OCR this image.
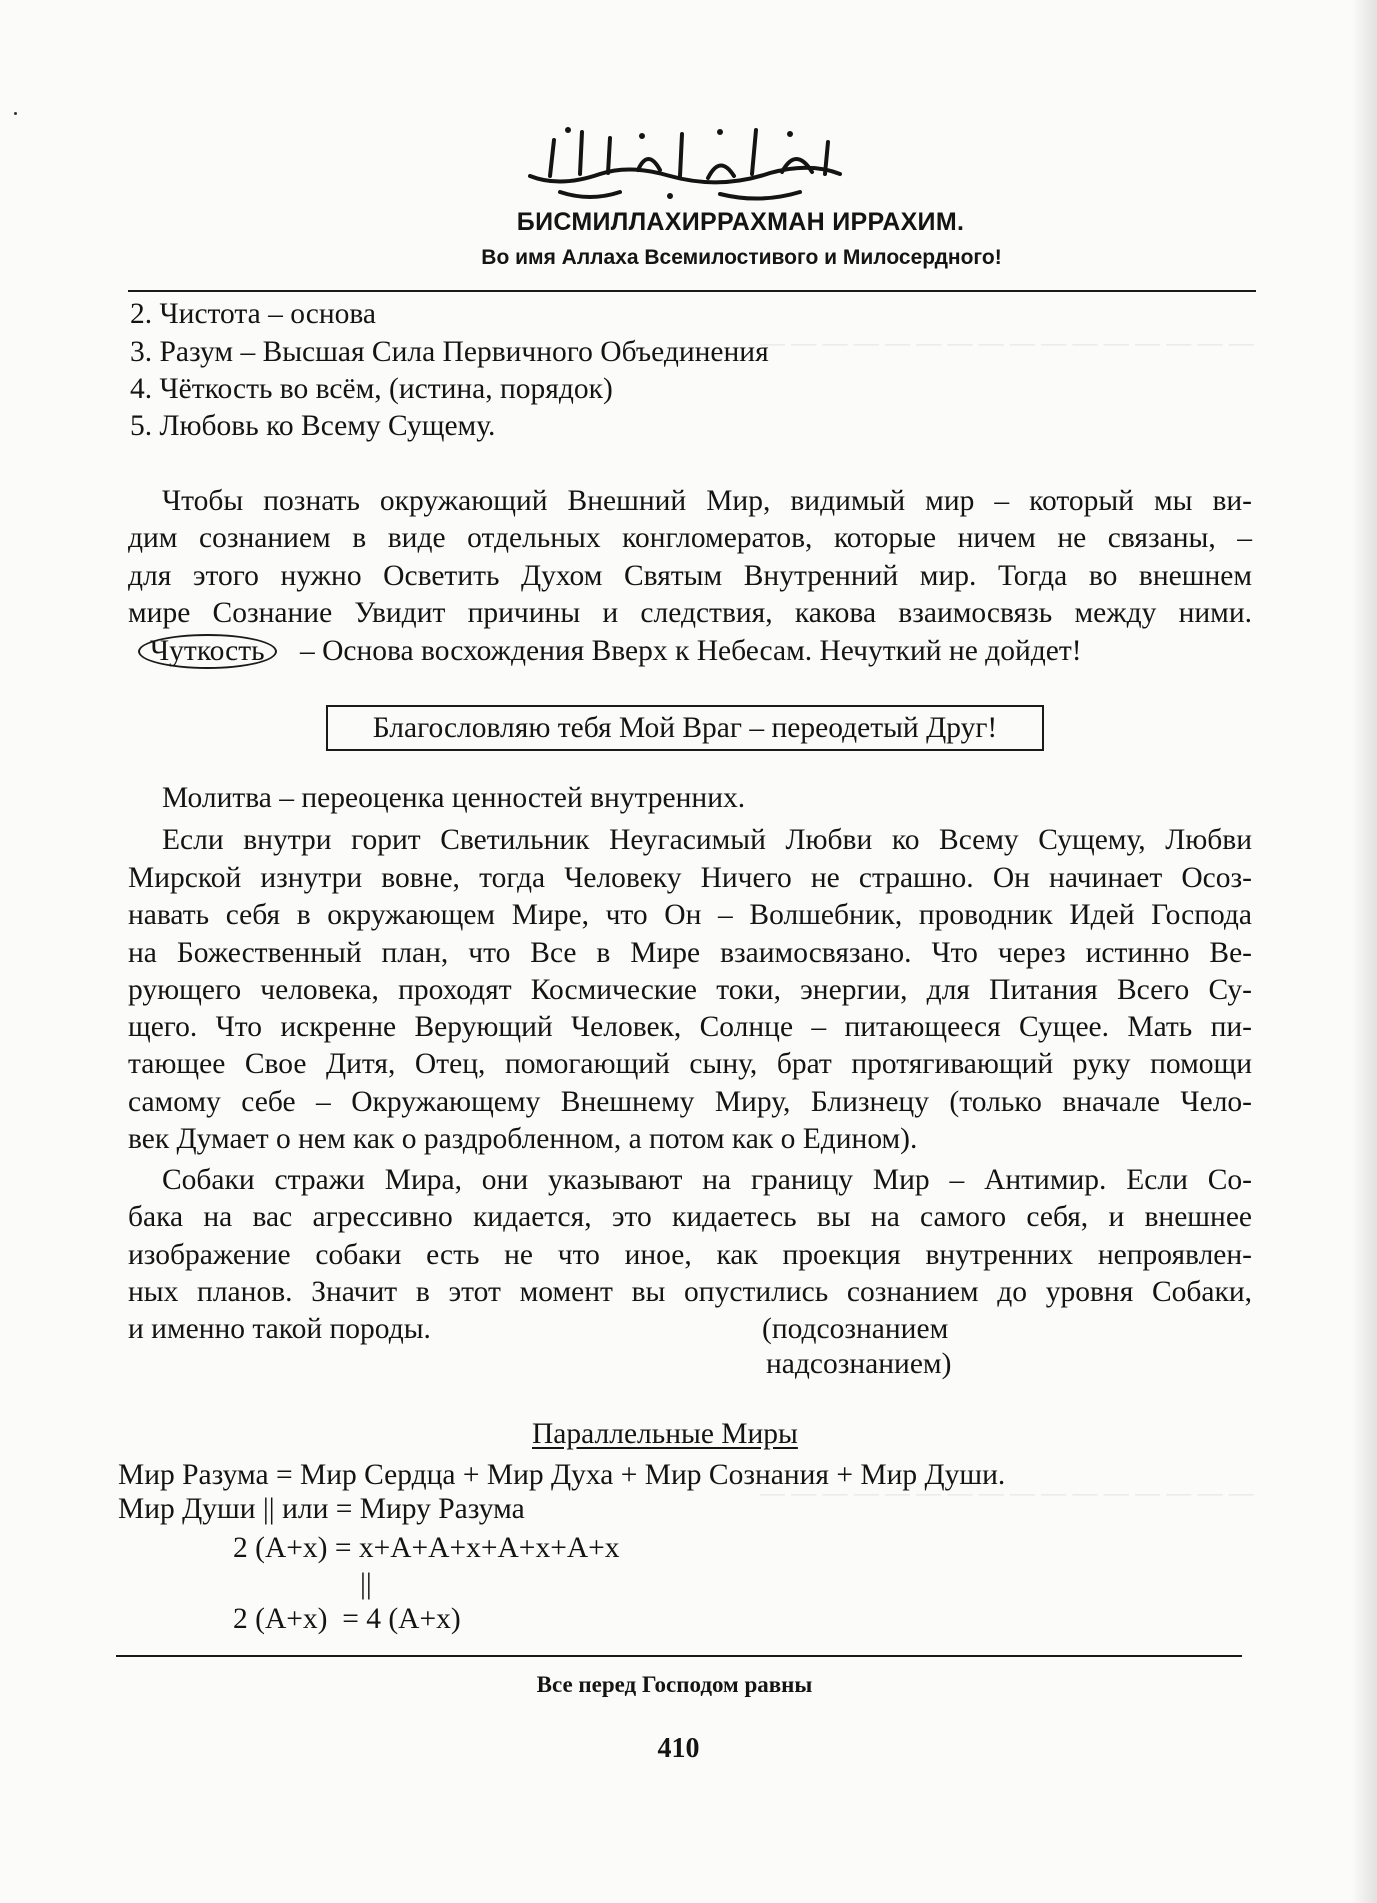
— — — — — — — — — — — — — — — —
— — — — — — — — — — — — — — — —
БИСМИЛЛАХИРРАХМАН ИРРАХИМ.
Во имя Аллаха Всемилостивого и Милосердного!
2. Чистота – основа
3. Разум – Высшая Сила Первичного Объединения
4. Чёткость во всём, (истина, порядок)
5. Любовь ко Всему Сущему.
Чтобы познать окружающий Внешний Мир, видимый мир – который мы ви-
дим сознанием в виде отдельных конгломератов, которые ничем не связаны, –
для этого нужно Осветить Духом Святым Внутренний мир. Тогда во внешнем
мире Сознание Увидит причины и следствия, какова взаимосвязь между ними.
Чуткость – Основа восхождения Вверх к Небесам. Нечуткий не дойдет!
Благословляю тебя Мой Враг – переодетый Друг!
Молитва – переоценка ценностей внутренних.
Если внутри горит Светильник Неугасимый Любви ко Всему Сущему, Любви
Мирской изнутри вовне, тогда Человеку Ничего не страшно. Он начинает Осоз-
навать себя в окружающем Мире, что Он – Волшебник, проводник Идей Господа
на Божественный план, что Все в Мире взаимосвязано. Что через истинно Ве-
рующего человека, проходят Космические токи, энергии, для Питания Всего Су-
щего. Что искренне Верующий Человек, Солнце – питающееся Сущее. Мать пи-
тающее Свое Дитя, Отец, помогающий сыну, брат протягивающий руку помощи
самому себе – Окружающему Внешнему Миру, Близнецу (только вначале Чело-
век Думает о нем как о раздробленном, а потом как о Едином).
Собаки стражи Мира, они указывают на границу Мир – Антимир. Если Со-
бака на вас агрессивно кидается, это кидаетесь вы на самого себя, и внешнее
изображение собаки есть не что иное, как проекция внутренних непроявлен-
ных планов. Значит в этот момент вы опустились сознанием до уровня Собаки,
и именно такой породы.	(подсознанием
надсознанием)
Параллельные Миры
Мир Разума = Мир Сердца + Мир Духа + Мир Сознания + Мир Души.
Мир Души || или = Миру Разума
2 (А+х) = х+А+А+х+А+х+А+х
||
2 (А+х)  = 4 (А+х)
Все перед Господом равны
410
